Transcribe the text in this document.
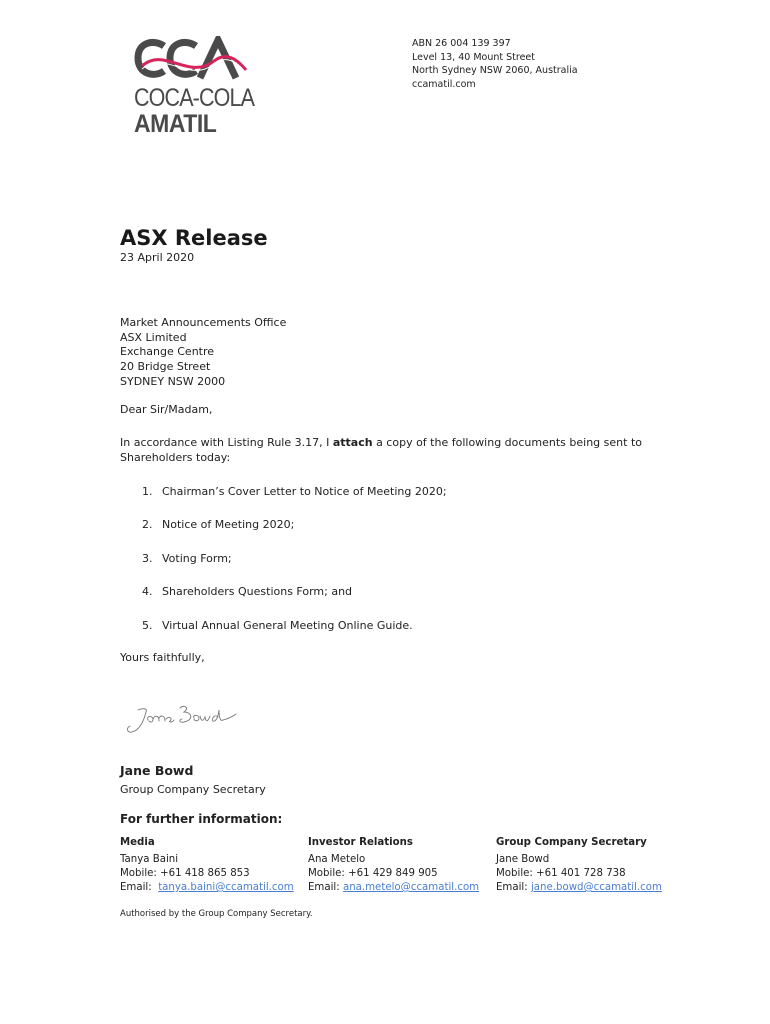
COCA-COLA
AMATIL
ABN 26 004 139 397
Level 13, 40 Mount Street
North Sydney NSW 2060, Australia
ccamatil.com
ASX Release
23 April 2020
Market Announcements Office
ASX Limited
Exchange Centre
20 Bridge Street
SYDNEY NSW 2000
Dear Sir/Madam,
In accordance with Listing Rule 3.17, I attach a copy of the following documents being sent to Shareholders today:
1. Chairman’s Cover Letter to Notice of Meeting 2020;
2. Notice of Meeting 2020;
3. Voting Form;
4. Shareholders Questions Form; and
5. Virtual Annual General Meeting Online Guide.
Yours faithfully,
Jane Bowd
Group Company Secretary
For further information:
Media
Tanya Baini
Mobile: +61 418 865 853
Email: tanya.baini@ccamatil.com
Investor Relations
Ana Metelo
Mobile: +61 429 849 905
Email: ana.metelo@ccamatil.com
Group Company Secretary
Jane Bowd
Mobile: +61 401 728 738
Email: jane.bowd@ccamatil.com
Authorised by the Group Company Secretary.
